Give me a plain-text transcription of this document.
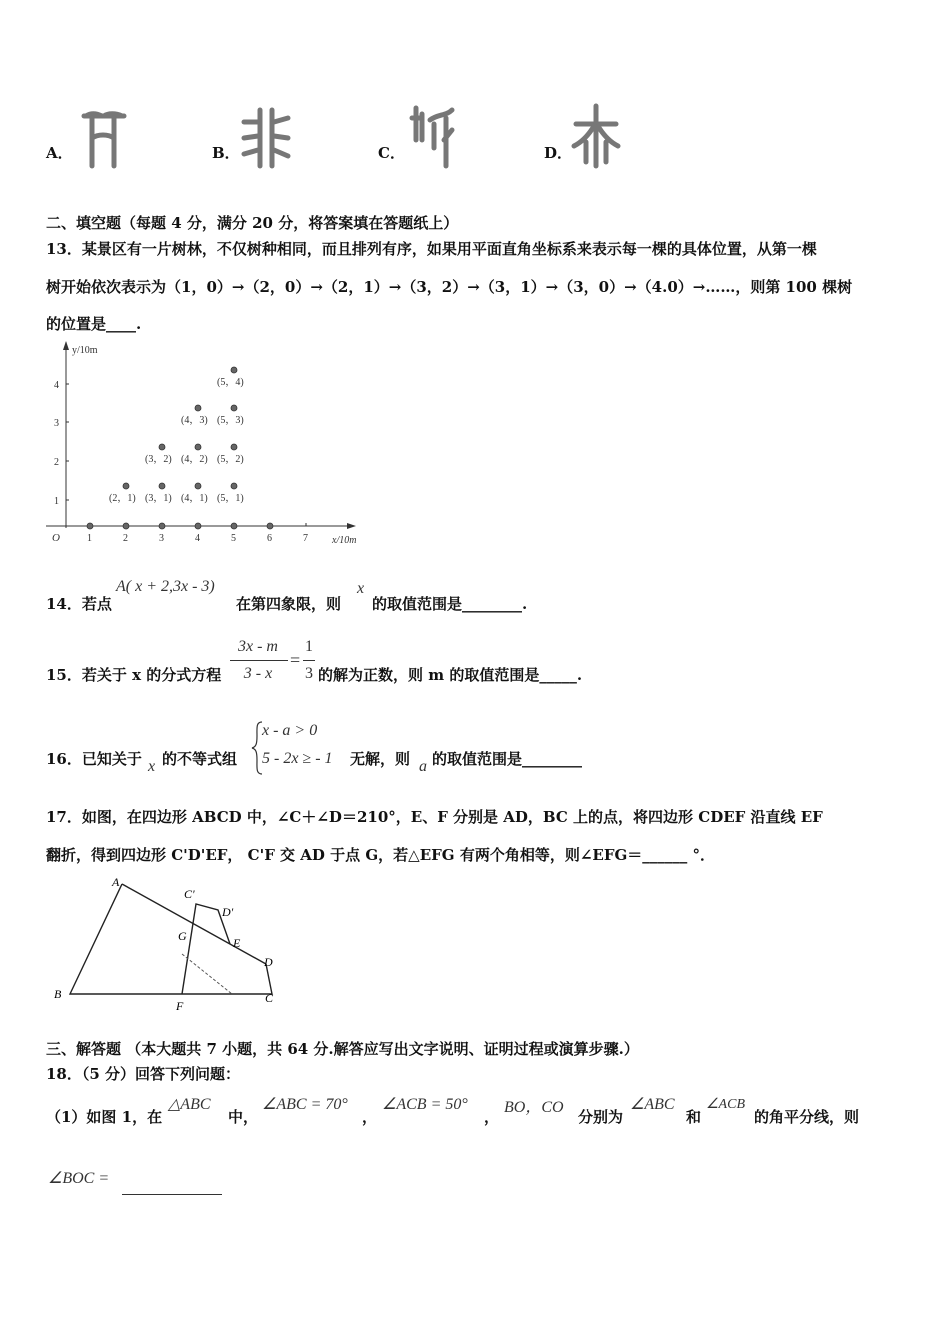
A．	B．	C．	D．
二、填空题（每题 4 分，满分 20 分，将答案填在答题纸上）
13．某景区有一片树林，不仅树种相同，而且排列有序，如果用平面直角坐标系来表示每一棵的具体位置，从第一棵
树开始依次表示为（1，0）→（2，0）→（2，1）→（3，2）→（3，1）→（3，0）→（4.0）→……，则第 100 棵树
的位置是____.
y/10m
x/10m
O	1	2	3	4	5	6	7
1
2
3
4
(2，1) (3，1) (4，1) (5，1)
(3，2) (4，2) (5，2)
(4，3) (5，3)
(5，4)
14．若点
A( x + 2,3x - 3)
在第四象限，则
x
的取值范围是________.
15．若关于 x 的分式方程
3x - m
3 - x
=
1
3 的解为正数，则 m 的取值范围是_____.
16．已知关于 x 的不等式组
x - a > 0
5 - 2x ≥ - 1 无解，则 a 的取值范围是________
17．如图，在四边形 ABCD 中，∠C＋∠D＝210°，E、F 分别是 AD，BC 上的点，将四边形 CDEF 沿直线 EF
翻折，得到四边形 C'D'EF， C'F 交 AD 于点 G，若△EFG 有两个角相等，则∠EFG＝______ °．
A
B	C
D
E
F
G
C'
D'
三、解答题 （本大题共 7 小题，共 64 分.解答应写出文字说明、证明过程或演算步骤.）
18．（5 分）回答下列问题：
（1）如图 1，在
△ABC
中，
∠ABC = 70°
，
∠ACB = 50°
，
BO，CO
分别为
∠ABC
和
∠ACB
的角平分线，则
∠BOC =
